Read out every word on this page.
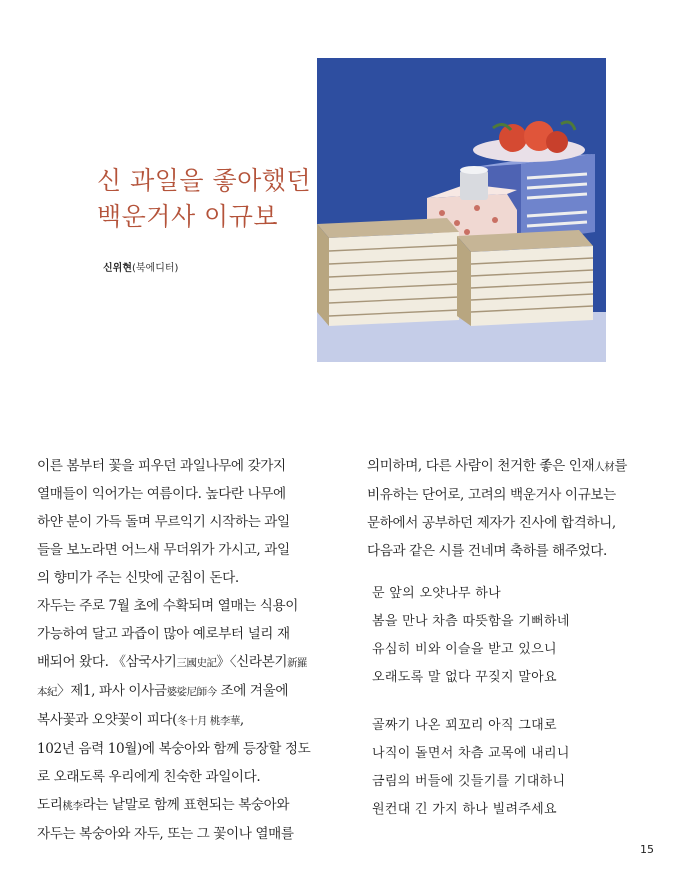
신 과일을 좋아했던
백운거사 이규보
신위현(북에디터)

이른 봄부터 꽃을 피우던 과일나무에 갖가지

열매들이 익어가는 여름이다. 높다란 나무에

하얀 분이 가득 돌며 무르익기 시작하는 과일

들을 보노라면 어느새 무더위가 가시고, 과일

의 향미가 주는 신맛에 군침이 돈다.

자두는 주로 7월 초에 수확되며 열매는 식용이

가능하여 달고 과즙이 많아 예로부터 널리 재

배되어 왔다. 《삼국사기三國史記》〈신라본기新羅

本紀〉제1, 파사 이사금婆娑尼師今 조에 겨울에

복사꽃과 오얏꽃이 피다(冬十月 桃李華,

102년 음력 10월)에 복숭아와 함께 등장할 정도

로 오래도록 우리에게 친숙한 과일이다.

도리桃李라는 낱말로 함께 표현되는 복숭아와

자두는 복숭아와 자두, 또는 그 꽃이나 열매를

의미하며, 다른 사람이 천거한 좋은 인재人材를

비유하는 단어로, 고려의 백운거사 이규보는

문하에서 공부하던 제자가 진사에 합격하니,

다음과 같은 시를 건네며 축하를 해주었다.

문 앞의 오얏나무 하나
봄을 만나 차츰 따뜻함을 기뻐하네
유심히 비와 이슬을 받고 있으니
오래도록 말 없다 꾸짖지 말아요
골짜기 나온 꾀꼬리 아직 그대로
나직이 돌면서 차츰 교목에 내리니
금림의 버들에 깃들기를 기대하니
원컨대 긴 가지 하나 빌려주세요
15
